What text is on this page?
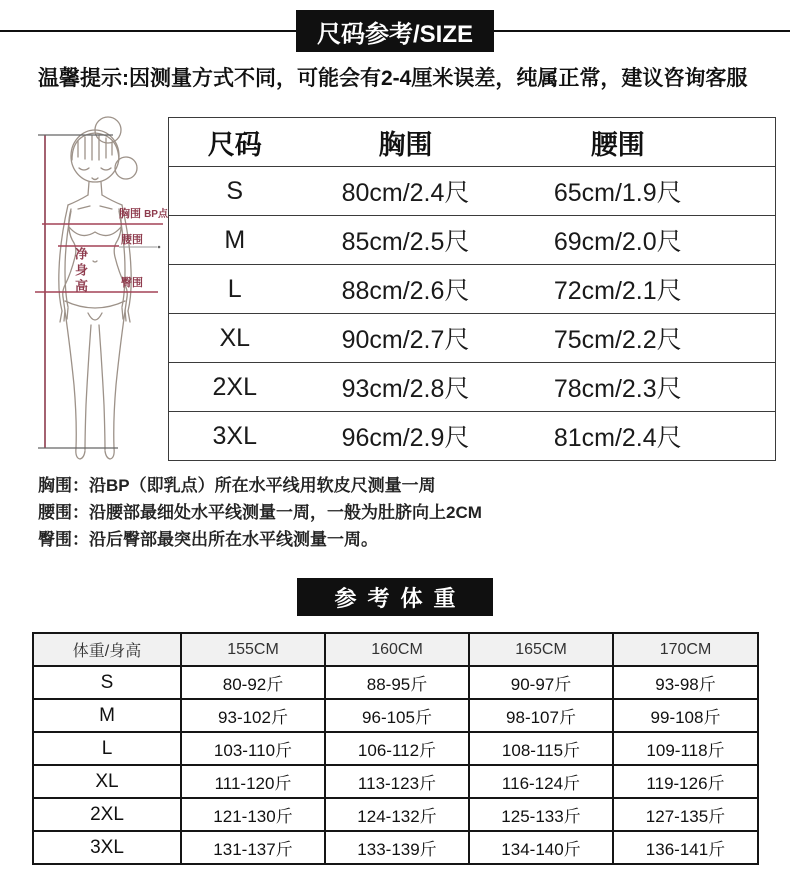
尺码参考/SIZE
温馨提示:因测量方式不同，可能会有2-4厘米误差，纯属正常，建议咨询客服
胸围 BP点
腰围
臀围
净身高
尺码	胸围	腰围
S	80cm/2.4尺	65cm/1.9尺
M	85cm/2.5尺	69cm/2.0尺
L	88cm/2.6尺	72cm/2.1尺
XL	90cm/2.7尺	75cm/2.2尺
2XL	93cm/2.8尺	78cm/2.3尺
3XL	96cm/2.9尺	81cm/2.4尺
胸围：沿BP（即乳点）所在水平线用软皮尺测量一周
腰围：沿腰部最细处水平线测量一周，一般为肚脐向上2CM
臀围：沿后臀部最突出所在水平线测量一周。
参考体重
体重/身高	155CM	160CM	165CM	170CM
S	80-92斤	88-95斤	90-97斤	93-98斤
M	93-102斤	96-105斤	98-107斤	99-108斤
L	103-110斤	106-112斤	108-115斤	109-118斤
XL	111-120斤	113-123斤	116-124斤	119-126斤
2XL	121-130斤	124-132斤	125-133斤	127-135斤
3XL	131-137斤	133-139斤	134-140斤	136-141斤
